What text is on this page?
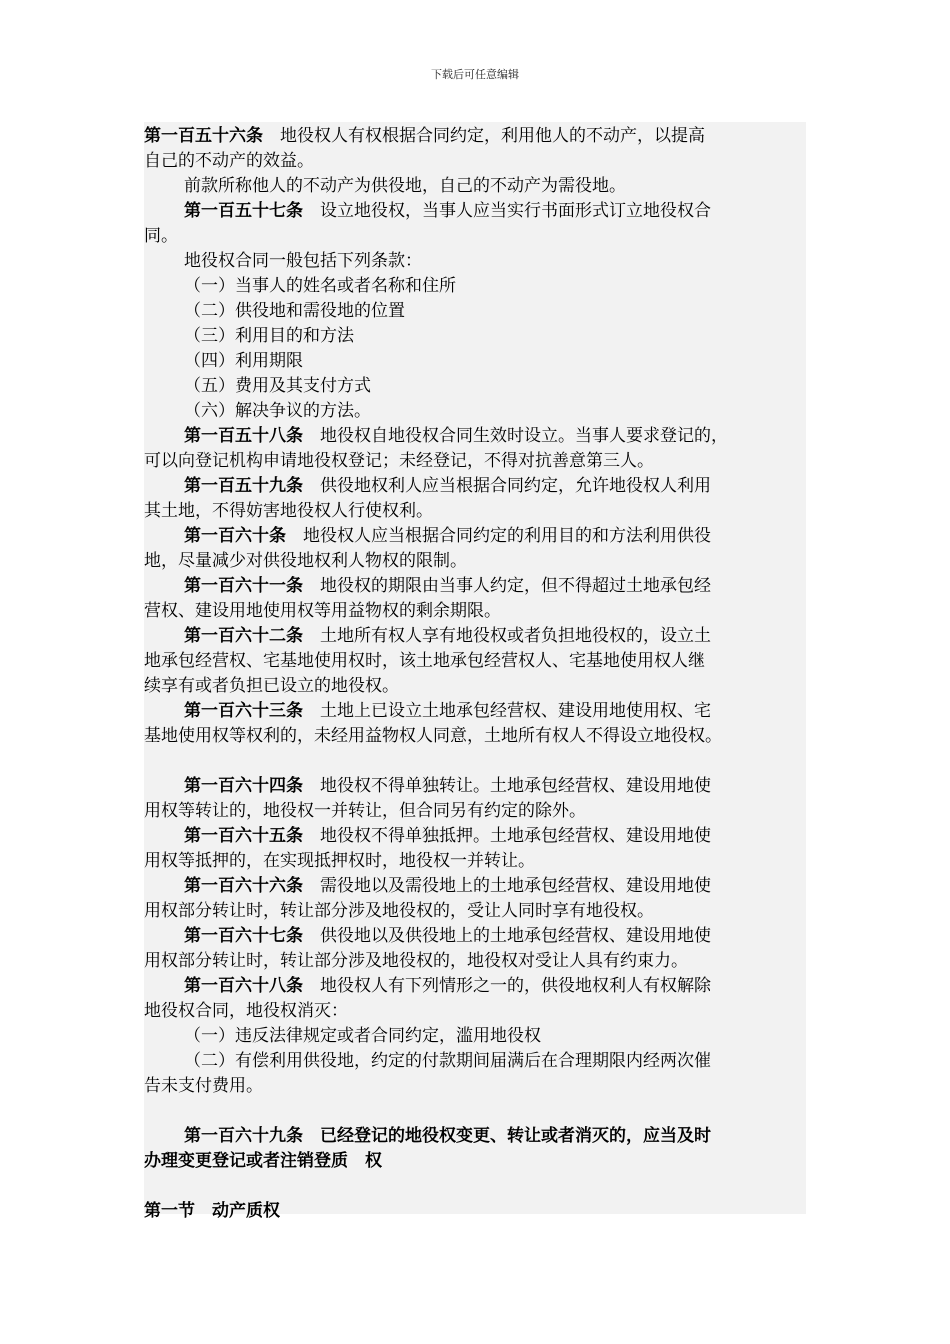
下载后可任意编辑
第一百五十六条　地役权人有权根据合同约定，利用他人的不动产，以提高
自己的不动产的效益。
前款所称他人的不动产为供役地，自己的不动产为需役地。
第一百五十七条　设立地役权，当事人应当实行书面形式订立地役权合
同。
地役权合同一般包括下列条款：
（一）当事人的姓名或者名称和住所
（二）供役地和需役地的位置
（三）利用目的和方法
（四）利用期限
（五）费用及其支付方式
（六）解决争议的方法。
第一百五十八条　地役权自地役权合同生效时设立。当事人要求登记的，
可以向登记机构申请地役权登记；未经登记，不得对抗善意第三人。
第一百五十九条　供役地权利人应当根据合同约定，允许地役权人利用
其土地，不得妨害地役权人行使权利。
第一百六十条　地役权人应当根据合同约定的利用目的和方法利用供役
地，尽量减少对供役地权利人物权的限制。
第一百六十一条　地役权的期限由当事人约定，但不得超过土地承包经
营权、建设用地使用权等用益物权的剩余期限。
第一百六十二条　土地所有权人享有地役权或者负担地役权的，设立土
地承包经营权、宅基地使用权时，该土地承包经营权人、宅基地使用权人继
续享有或者负担已设立的地役权。
第一百六十三条　土地上已设立土地承包经营权、建设用地使用权、宅
基地使用权等权利的，未经用益物权人同意，土地所有权人不得设立地役权。
第一百六十四条　地役权不得单独转让。土地承包经营权、建设用地使
用权等转让的，地役权一并转让，但合同另有约定的除外。
第一百六十五条　地役权不得单独抵押。土地承包经营权、建设用地使
用权等抵押的，在实现抵押权时，地役权一并转让。
第一百六十六条　需役地以及需役地上的土地承包经营权、建设用地使
用权部分转让时，转让部分涉及地役权的，受让人同时享有地役权。
第一百六十七条　供役地以及供役地上的土地承包经营权、建设用地使
用权部分转让时，转让部分涉及地役权的，地役权对受让人具有约束力。
第一百六十八条　地役权人有下列情形之一的，供役地权利人有权解除
地役权合同，地役权消灭：
（一）违反法律规定或者合同约定，滥用地役权
（二）有偿利用供役地，约定的付款期间届满后在合理期限内经两次催
告未支付费用。
第一百六十九条　已经登记的地役权变更、转让或者消灭的，应当及时
办理变更登记或者注销登质　权
第一节　动产质权
